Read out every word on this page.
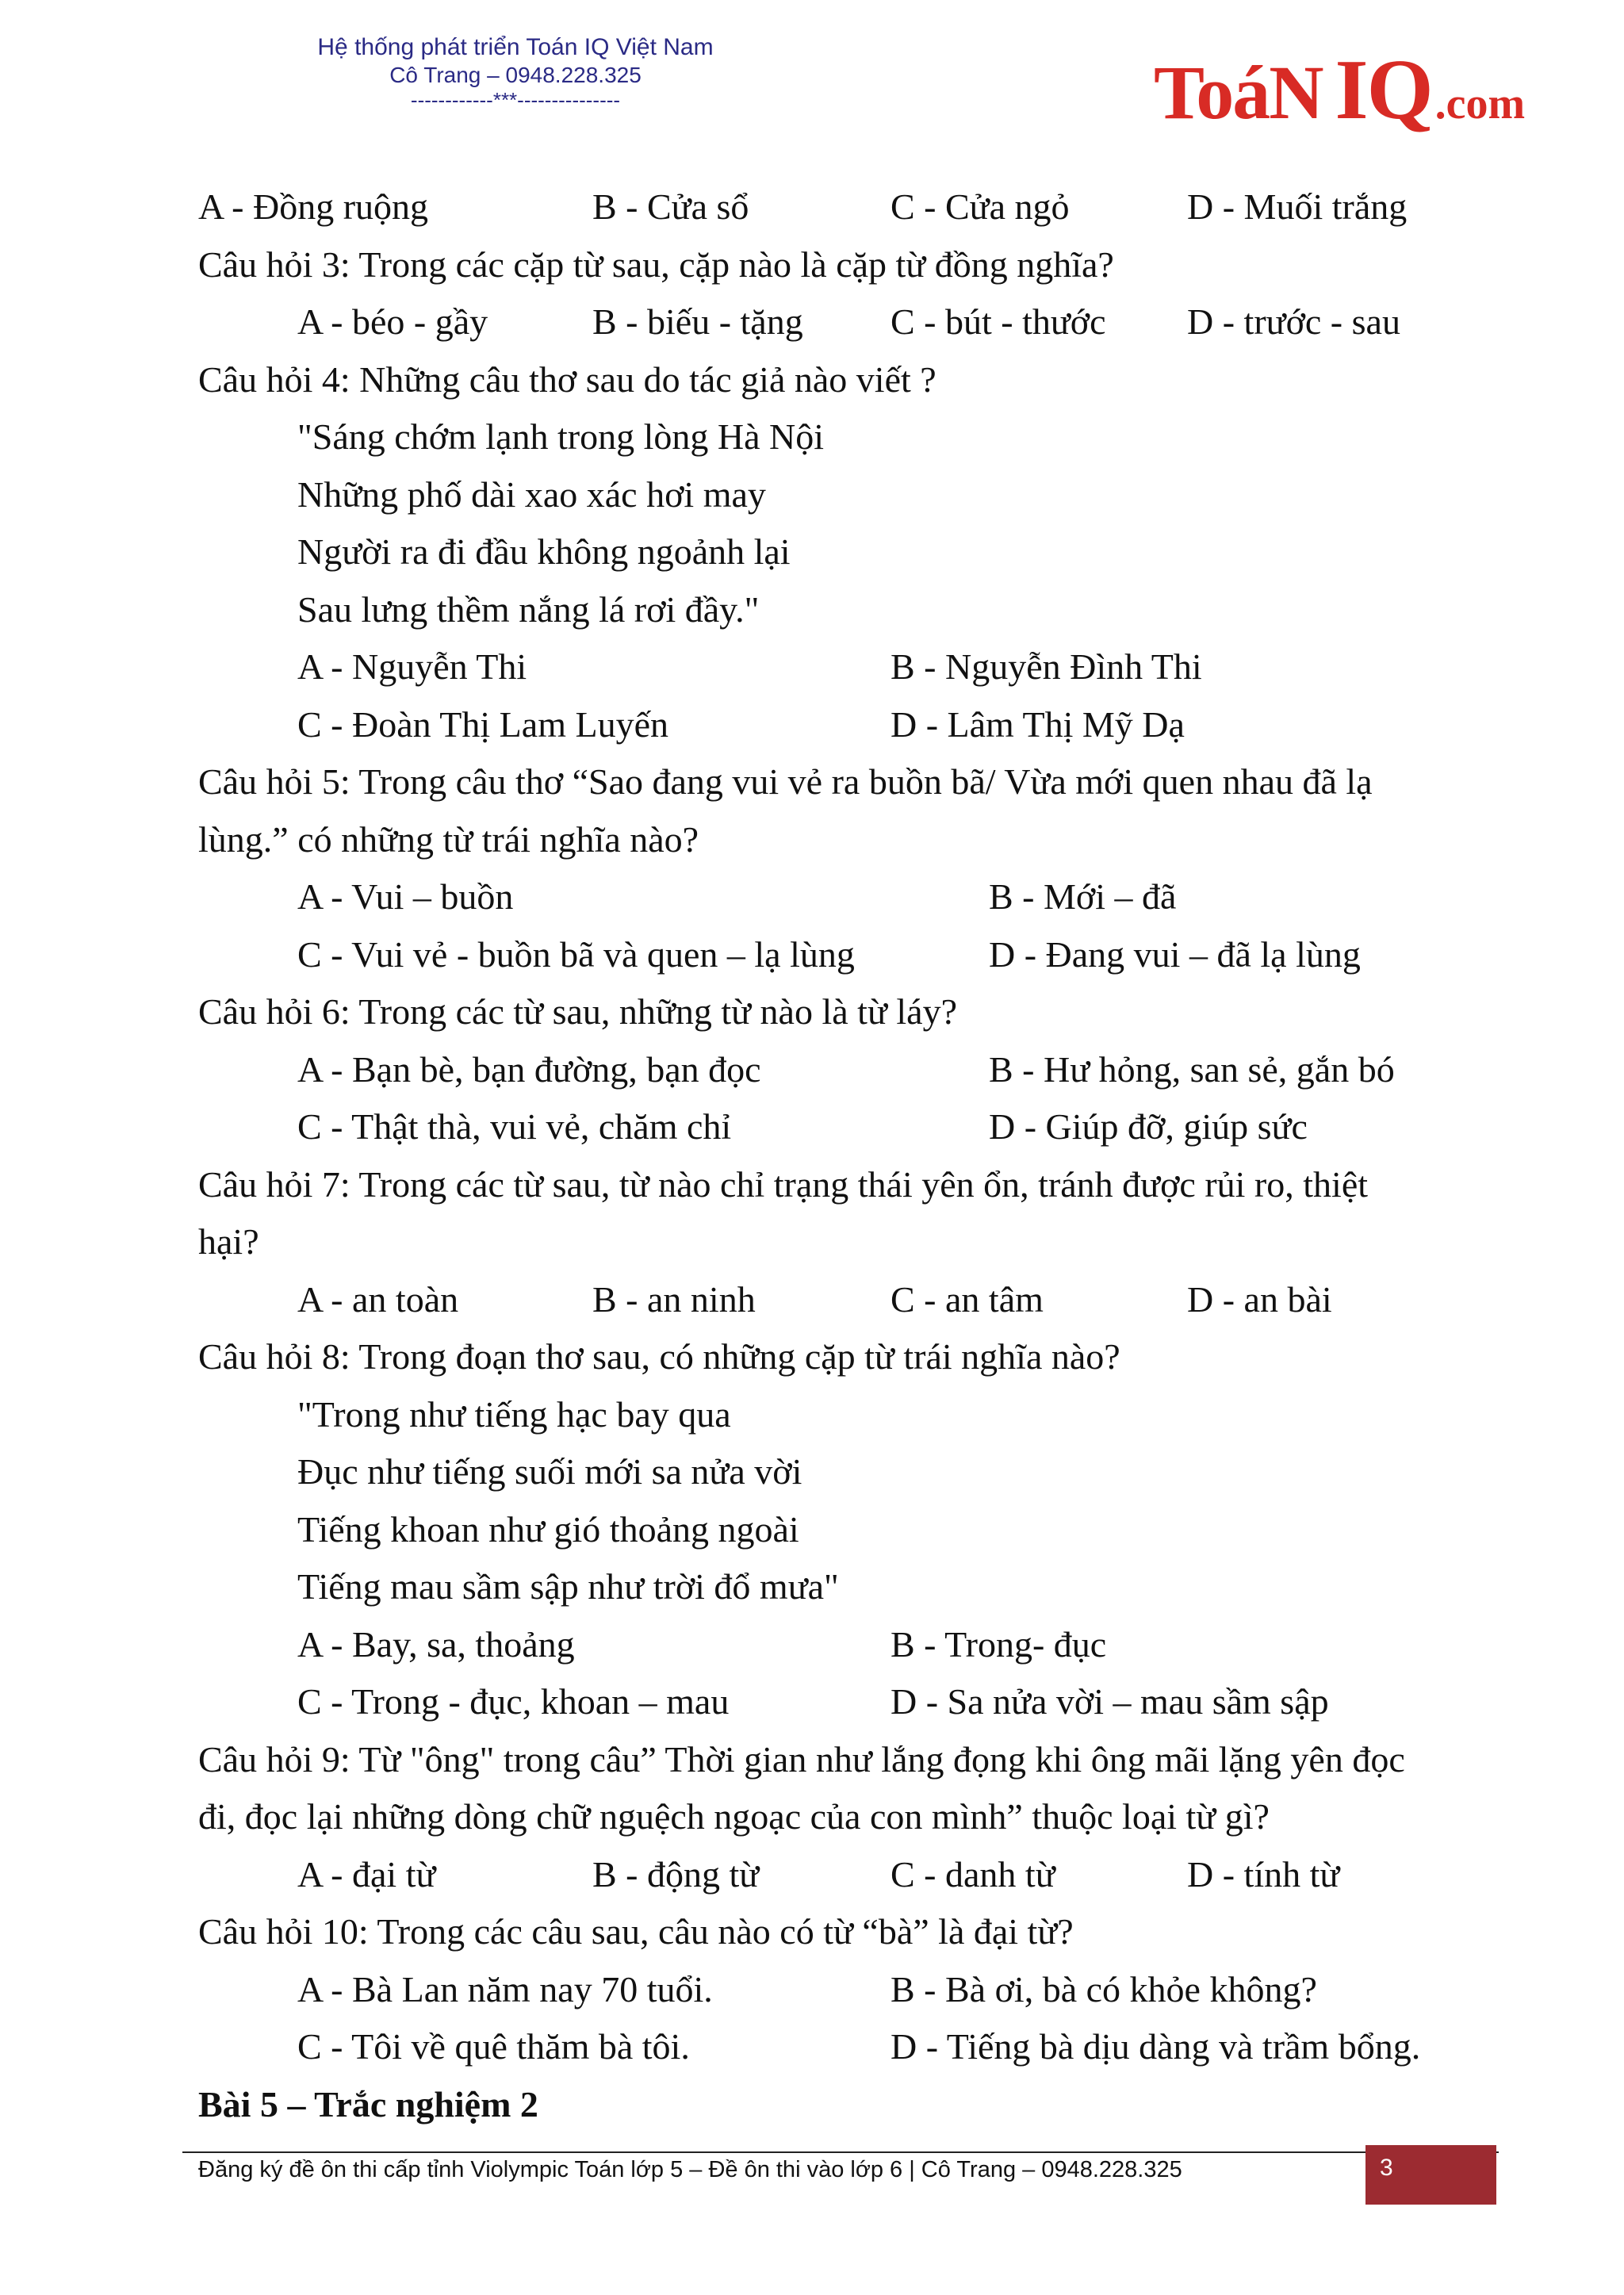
Hệ thống phát triển Toán IQ Việt Nam
Cô Trang – 0948.228.325
------------***---------------	ToáN IQ .com
A - Đồng ruộng	B - Cửa sổ	C - Cửa ngỏ	D - Muối trắng
Câu hỏi 3: Trong các cặp từ sau, cặp nào là cặp từ đồng nghĩa?
A - béo - gầy	B - biếu - tặng C - bút - thước D - trước - sau
Câu hỏi 4: Những câu thơ sau do tác giả nào viết ?
"Sáng chớm lạnh trong lòng Hà Nội
Những phố dài xao xác hơi may
Người ra đi đầu không ngoảnh lại
Sau lưng thềm nắng lá rơi đầy."
A - Nguyễn Thi	B - Nguyễn Đình Thi
C - Đoàn Thị Lam Luyến	D - Lâm Thị Mỹ Dạ
Câu hỏi 5: Trong câu thơ “Sao đang vui vẻ ra buồn bã/ Vừa mới quen nhau đã lạ
lùng.” có những từ trái nghĩa nào?
A - Vui – buồn	B - Mới – đã
C - Vui vẻ - buồn bã và quen – lạ lùng	D - Đang vui – đã lạ lùng
Câu hỏi 6: Trong các từ sau, những từ nào là từ láy?
A - Bạn bè, bạn đường, bạn đọc	B - Hư hỏng, san sẻ, gắn bó
C - Thật thà, vui vẻ, chăm chỉ	D - Giúp đỡ, giúp sức
Câu hỏi 7: Trong các từ sau, từ nào chỉ trạng thái yên ổn, tránh được rủi ro, thiệt
hại?
A - an toàn	B - an ninh	C - an tâm	D - an bài
Câu hỏi 8: Trong đoạn thơ sau, có những cặp từ trái nghĩa nào?
"Trong như tiếng hạc bay qua
Đục như tiếng suối mới sa nửa vời
Tiếng khoan như gió thoảng ngoài
Tiếng mau sầm sập như trời đổ mưa"
A - Bay, sa, thoảng	B - Trong- đục
C - Trong - đục, khoan – mau	D - Sa nửa vời – mau sầm sập
Câu hỏi 9: Từ "ông" trong câu” Thời gian như lắng đọng khi ông mãi lặng yên đọc
đi, đọc lại những dòng chữ nguệch ngoạc của con mình” thuộc loại từ gì?
A - đại từ	B - động từ	C - danh từ	D - tính từ
Câu hỏi 10: Trong các câu sau, câu nào có từ “bà” là đại từ?
A - Bà Lan năm nay 70 tuổi.	B - Bà ơi, bà có khỏe không?
C - Tôi về quê thăm bà tôi.	D - Tiếng bà dịu dàng và trầm bổng.
Bài 5 – Trắc nghiệm 2
Đăng ký đề ôn thi cấp tỉnh Violympic Toán lớp 5 – Đề ôn thi vào lớp 6 | Cô Trang – 0948.228.325	3
